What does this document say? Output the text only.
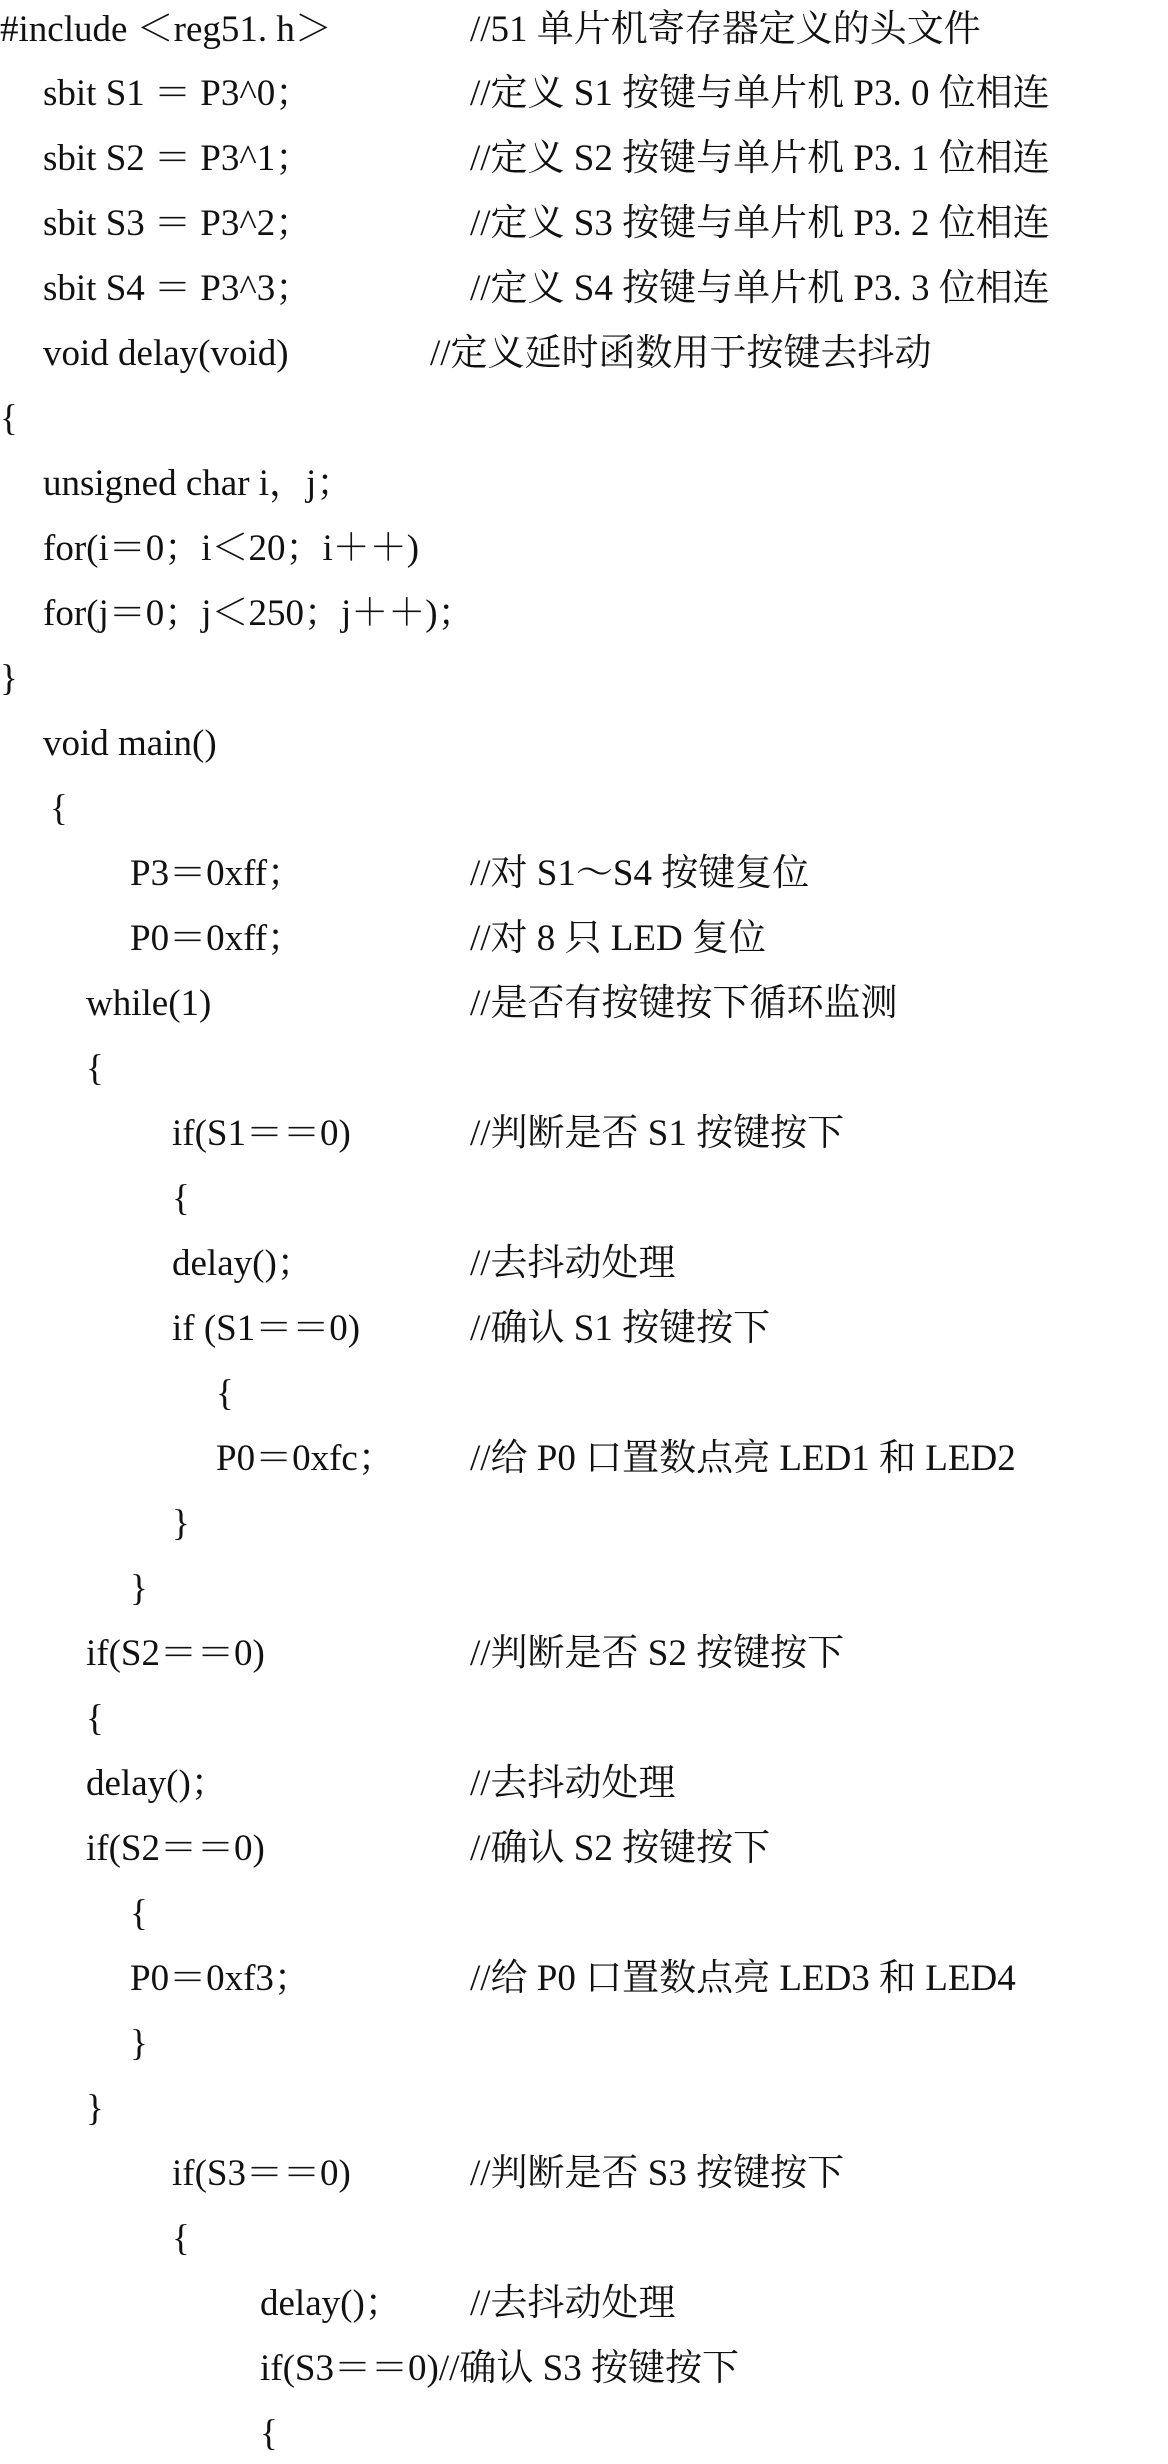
#include ＜reg51. h＞	//51 单片机寄存器定义的头文件
sbit S1 ＝ P3^0；	//定义 S1 按键与单片机 P3. 0 位相连
sbit S2 ＝ P3^1；	//定义 S2 按键与单片机 P3. 1 位相连
sbit S3 ＝ P3^2；	//定义 S3 按键与单片机 P3. 2 位相连
sbit S4 ＝ P3^3；	//定义 S4 按键与单片机 P3. 3 位相连
void delay(void)	//定义延时函数用于按键去抖动
{
unsigned char i，j；
for(i＝0；i＜20；i＋＋)
for(j＝0；j＜250；j＋＋)；
}
void main()
{
P3＝0xff；	//对 S1～S4 按键复位
P0＝0xff；	//对 8 只 LED 复位
while(1)	//是否有按键按下循环监测
{
if(S1＝＝0)	//判断是否 S1 按键按下
{
delay()；	//去抖动处理
if (S1＝＝0)	//确认 S1 按键按下
{
P0＝0xfc； //给 P0 口置数点亮 LED1 和 LED2
}
}
if(S2＝＝0)	//判断是否 S2 按键按下
{
delay()；	//去抖动处理
if(S2＝＝0)	//确认 S2 按键按下
{
P0＝0xf3；	//给 P0 口置数点亮 LED3 和 LED4
}
}
if(S3＝＝0)	//判断是否 S3 按键按下
{
delay()； //去抖动处理
if(S3＝＝0)//确认 S3 按键按下
{
